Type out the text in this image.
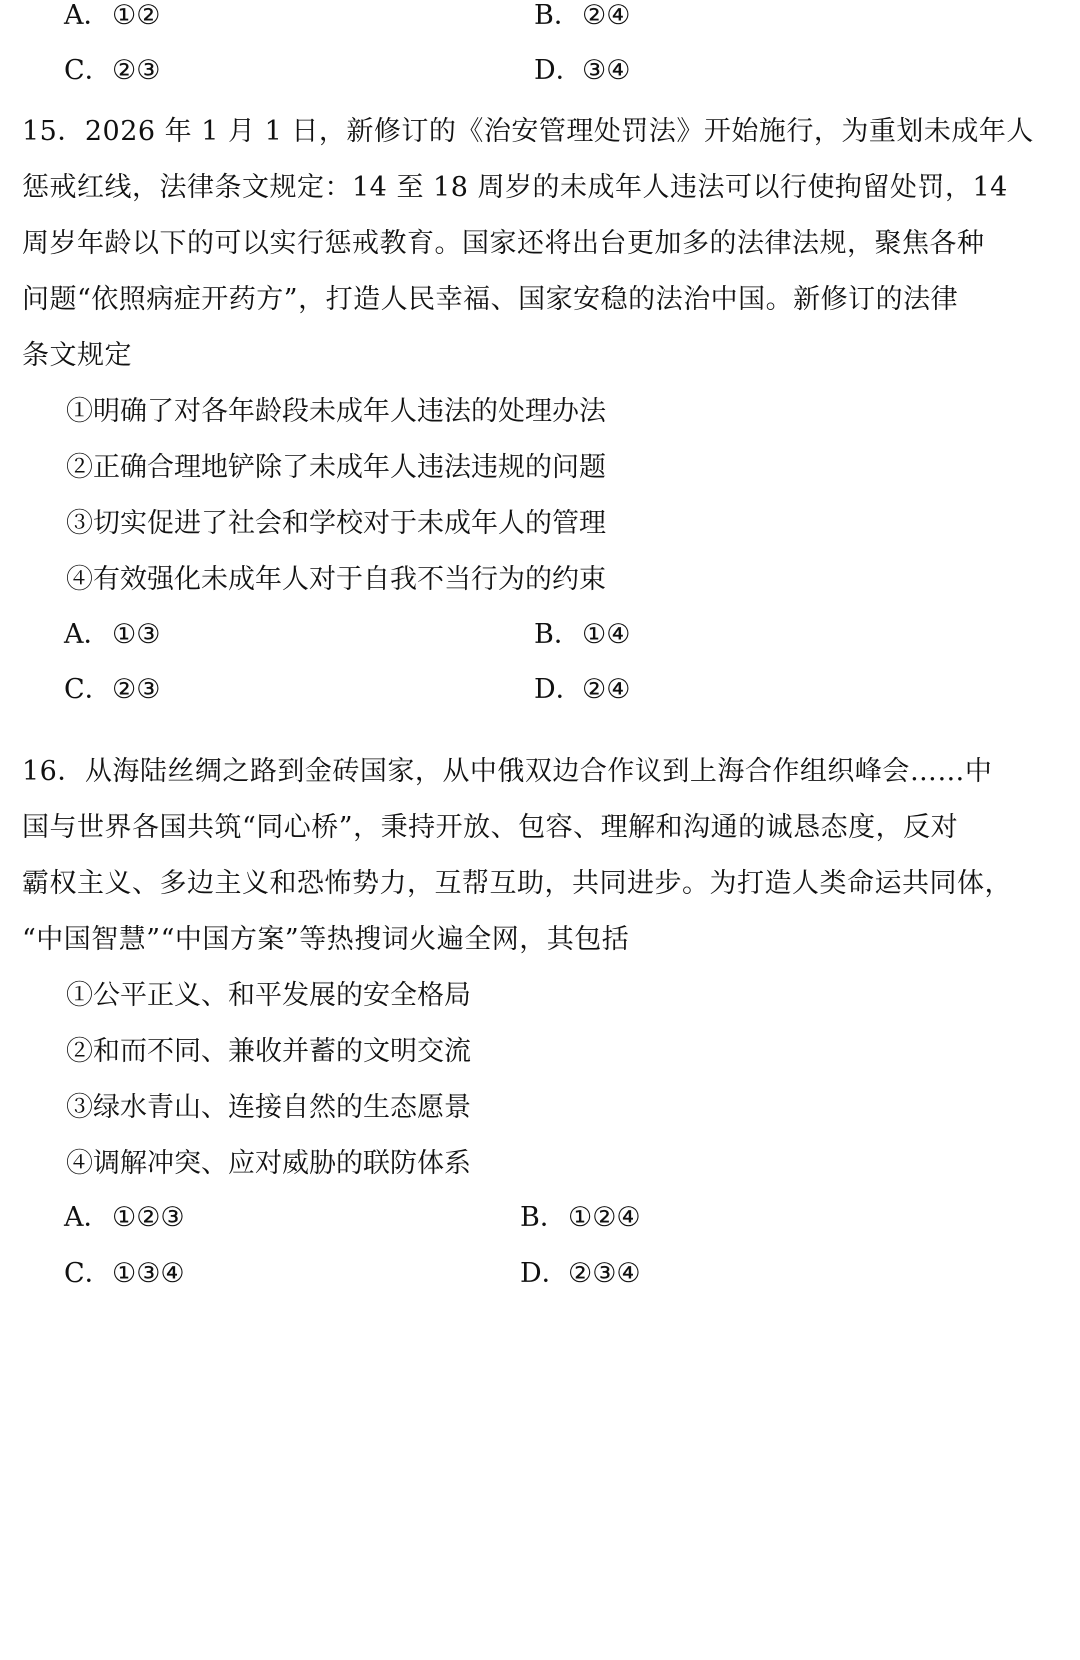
A．①②	B．②④
C．②③	D．③④
15．2026 年 1 月 1 日，新修订的《治安管理处罚法》开始施行，为重划未成年人
惩戒红线，法律条文规定：14 至 18 周岁的未成年人违法可以行使拘留处罚，14
周岁年龄以下的可以实行惩戒教育。国家还将出台更加多的法律法规，聚焦各种
问题“依照病症开药方”，打造人民幸福、国家安稳的法治中国。新修订的法律
条文规定
①明确了对各年龄段未成年人违法的处理办法
②正确合理地铲除了未成年人违法违规的问题
③切实促进了社会和学校对于未成年人的管理
④有效强化未成年人对于自我不当行为的约束
A．①③	B．①④
C．②③	D．②④
16．从海陆丝绸之路到金砖国家，从中俄双边合作议到上海合作组织峰会……中
国与世界各国共筑“同心桥”，秉持开放、包容、理解和沟通的诚恳态度，反对
霸权主义、多边主义和恐怖势力，互帮互助，共同进步。为打造人类命运共同体，
“中国智慧”“中国方案”等热搜词火遍全网，其包括
①公平正义、和平发展的安全格局
②和而不同、兼收并蓄的文明交流
③绿水青山、连接自然的生态愿景
④调解冲突、应对威胁的联防体系
A．①②③	B．①②④
C．①③④	D．②③④
